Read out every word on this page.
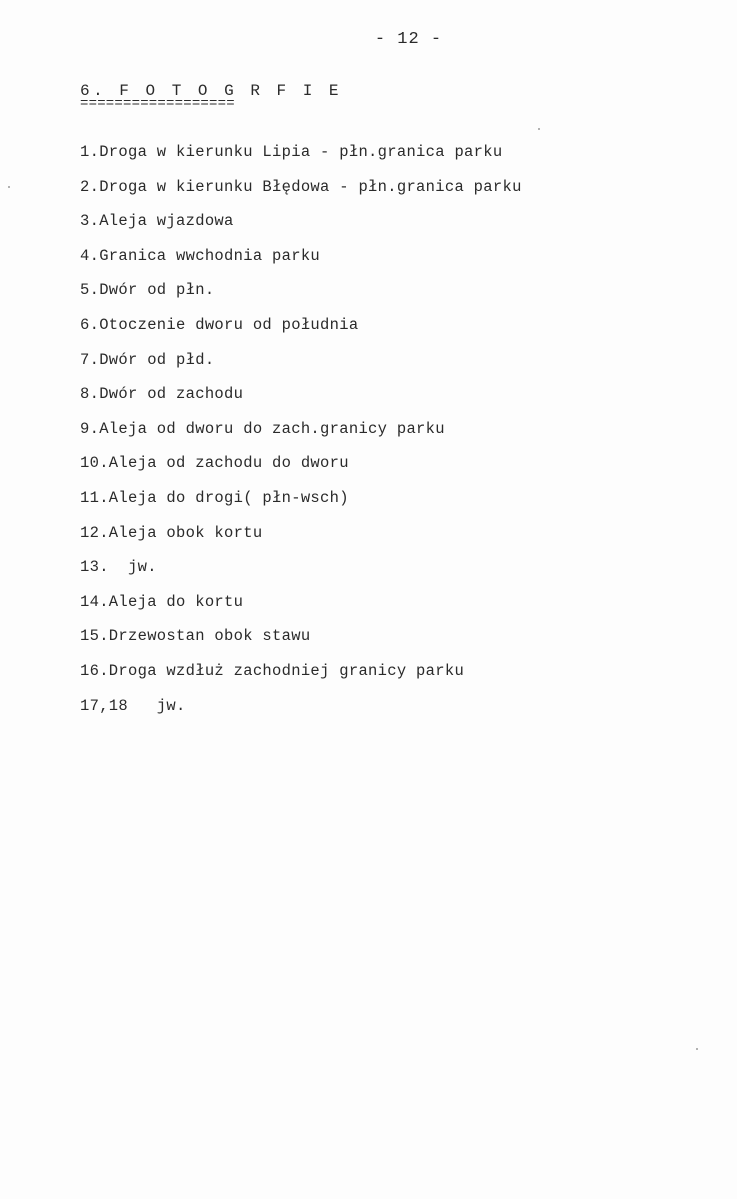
- 12 -
6. F O T O G R F I E
==================
1.Droga w kierunku Lipia - płn.granica parku
2.Droga w kierunku Błędowa - płn.granica parku
3.Aleja wjazdowa
4.Granica wwchodnia parku
5.Dwór od płn.
6.Otoczenie dworu od południa
7.Dwór od płd.
8.Dwór od zachodu
9.Aleja od dworu do zach.granicy parku
10.Aleja od zachodu do dworu
11.Aleja do drogi( płn-wsch)
12.Aleja obok kortu
13.  jw.
14.Aleja do kortu
15.Drzewostan obok stawu
16.Droga wzdłuż zachodniej granicy parku
17,18   jw.
